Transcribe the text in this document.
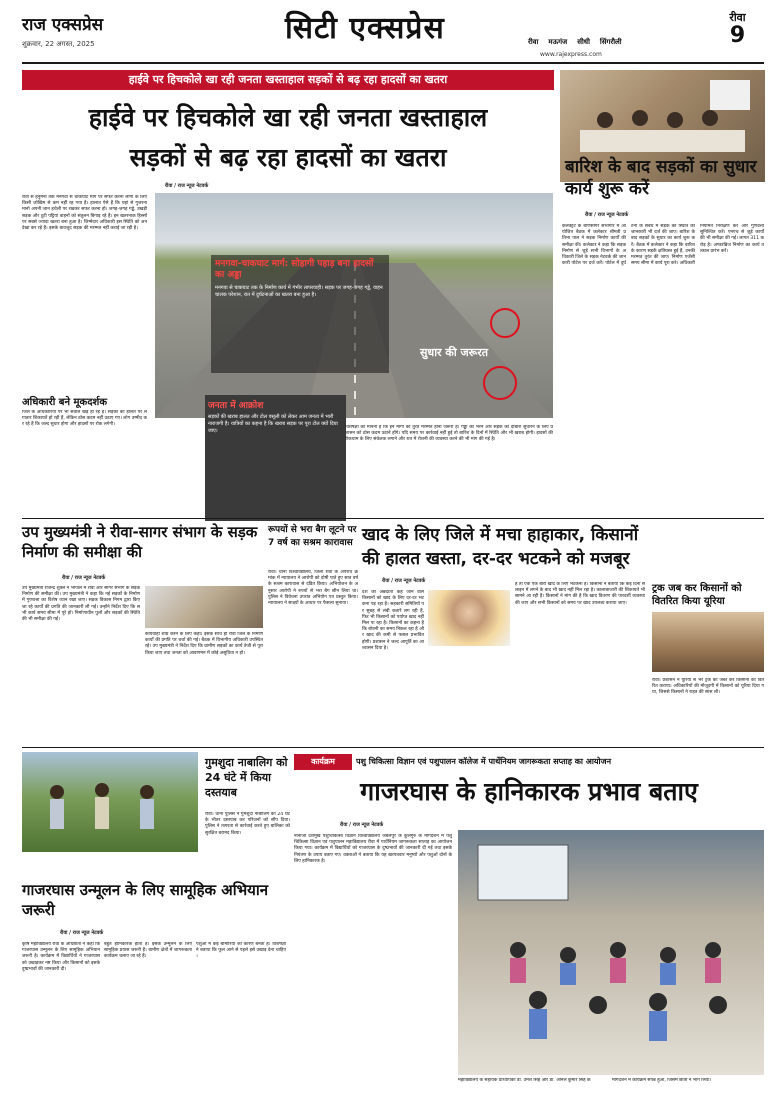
राज एक्सप्रेस
शुक्रवार, 22 अगस्त, 2025	सिटी एक्सप्रेस	रीवा मऊगंज सीधी सिंगरौली
www.rajexpress.com
रीवा
9
हाईवे पर हिचकोले खा रही जनता खस्ताहाल सड़कों से बढ़ रहा हादसों का खतरा
हाईवे पर हिचकोले खा रही जनता खस्ताहाल
सड़कों से बढ़ रहा हादसों का खतरा
रीवा / राज न्यूज नेटवर्क
रीवा से हनुमना तक मनगवा से चाकघाट मार्ग पर सफर करना लोगों के लिए किसी जोखिम से कम नहीं रह गया है। हालात ऐसे हैं कि यहां से गुजरना मानो अपनी जान हथेली पर रखकर सफर करना हो। जगह-जगह गड्ढे, उखड़ी सड़क और टूटी पट्टियां वाहनों को संतुलन बिगाड़ रहे हैं। इन खतरनाक हिस्सों पर सबसे ज्यादा खतरा बना हुआ है। जिम्मेदार अधिकारी इस स्थिति को अनदेखा कर रहे हैं। इसके बावजूद सड़क की मरम्मत नहीं कराई जा रही है।
अधिकारी बने मूकदर्शक
जिले के अधिकारियों पर भी सवाल खड़े हो रहे हैं। सड़कों की हालत पर लगातार शिकायतें हो रही हैं, लेकिन ठोस कदम नहीं उठाए गए। लोग उम्मीद कर रहे हैं कि जल्द सुधार होगा और हादसों पर रोक लगेगी।
मनगवा-चाकघाट मार्ग: सोहागी पहाड़ बना हादसों का अड्डा
मनगवा से चाकघाट तक के निर्माण कार्य में गंभीर लापरवाही। सड़क पर जगह-जगह गड्ढे, वाहन चालक परेशान, रात में दुर्घटनाओं का खतरा बना हुआ है।
जनता में आक्रोश
सड़कों की खराब हालत और टोल वसूली को लेकर आम जनता में भारी नाराजगी है। यात्रियों का कहना है कि खराब सड़क पर पूरा टोल क्यों दिया जाए।
सुधार की जरूरत
विशेषज्ञों का मानना है कि इन मार्गों की तुरंत मरम्मत होना जरूरी है। गड्ढों को भरने और सड़क को दोबारा सुधारने के लिए प्रशासन को ठोस कदम उठाने होंगे। यदि समय पर कार्रवाई नहीं हुई तो बारिश के दिनों में स्थिति और भी खराब होगी। हादसों की रोकथाम के लिए संकेतक लगाने और रात में रोशनी की व्यवस्था करने की भी मांग की गई है।
बारिश के बाद सड़कों का सुधार कार्य शुरू करें
रीवा / राज न्यूज नेटवर्क
कलेक्ट्रेट के बाणसागर सभागार में आयोजित बैठक में कलेक्टर श्रीमती प्रतिभा पाल ने सड़क निर्माण कार्यों की समीक्षा की। कलेक्टर ने कहा कि सड़क निर्माण से जुड़े सभी विभागों के अधिकारी जिले के सड़क नेटवर्क की जानकारी पोर्टल पर दर्ज करें। पोर्टल में दुर्घटना के संबंध में सड़क की स्थिति की जानकारी भी दर्ज की जाए। बारिश के बाद सड़कों के सुधार का कार्य शुरू करें। बैठक में कलेक्टर ने कहा कि बारिश के कारण सड़कें क्षतिग्रस्त हुई हैं, उनकी मरम्मत तुरंत की जाए। निर्माण एजेंसी समय सीमा में कार्य पूरा करे। अधिकारी नियमित निरीक्षण करें और गुणवत्ता सुनिश्चित करें। एनएच से जुड़े कार्यों की भी समीक्षा की गई। लागत 311 करोड़ है। अण्डरब्रिज निर्माण का कार्य तत्काल प्रारंभ करें।
उप मुख्यमंत्री ने रीवा-सागर संभाग के सड़क निर्माण की समीक्षा की
रीवा / राज न्यूज नेटवर्क
उप मुख्यमंत्री राजेन्द्र शुक्ल ने भोपाल में रीवा और सागर संभाग के सड़क निर्माण की समीक्षा की। उप मुख्यमंत्री ने कहा कि नई सड़कों के निर्माण में गुणवत्ता का विशेष ध्यान रखा जाए। सड़क विकास निगम द्वारा किए जा रहे कार्यों की प्रगति की जानकारी ली गई। उन्होंने निर्देश दिए कि सभी कार्य समय सीमा में पूरे हों। निर्माणाधीन पुलों और सड़कों की स्थिति की भी समीक्षा की गई।
कार्यवाही शीघ्र करने के लिए कहा। इसके साथ ही रीवा जिले के निर्माण कार्यों की प्रगति पर चर्चा की गई। बैठक में विभागीय अधिकारी उपस्थित रहे। उप मुख्यमंत्री ने निर्देश दिए कि ग्रामीण सड़कों का कार्य तेजी से पूरा किया जाए तथा जनता को आवागमन में कोई असुविधा न हो।
रूपयों से भरा बैग लूटने पर 7 वर्ष का सश्रम कारावास
रीवा। थाना विश्वविद्यालय, जिला रीवा के अपराध क्रमांक में न्यायालय ने आरोपी को दोषी पाते हुए सात वर्ष के सश्रम कारावास से दंडित किया। अभियोजन के अनुसार आरोपी ने रुपयों से भरा बैग छीन लिया था। पुलिस ने विवेचना उपरांत अभियोग पत्र प्रस्तुत किया। न्यायालय ने साक्ष्यों के आधार पर फैसला सुनाया।
खाद के लिए जिले में मचा हाहाकार, किसानों
की हालत खस्ता, दर-दर भटकने को मजबूर
रीवा / राज न्यूज नेटवर्क
देश का अन्नदाता कहे जाने वाले किसानों को खाद के लिए दर-दर भटकना पड़ रहा है। सहकारी समितियों पर सुबह से लंबी कतारें लग रही हैं, फिर भी किसानों को पर्याप्त खाद नहीं मिल पा रहा है। किसानों का कहना है कि बोवनी का समय निकल रहा है और खाद की कमी से फसल प्रभावित होगी। प्रशासन ने जल्द आपूर्ति का आश्वासन दिया है।
है तो एक एक बोरी खाद के लिए भटकना है। किसानों ने बताया कि कई दिनों से लाइन में लगने के बाद भी खाद नहीं मिल रहा है। कालाबाजारी की शिकायतें भी सामने आ रही हैं। किसानों ने मांग की है कि खाद वितरण की पारदर्शी व्यवस्था की जाए और सभी किसानों को समय पर खाद उपलब्ध कराया जाए।
ट्रक जब कर किसानों को वितरित किया यूरिया
रीवा। प्रशासन ने यूरिया से भरे ट्रक को जब्त कर किसानों को वितरित कराया। अधिकारियों की मौजूदगी में किसानों को यूरिया दिया गया, जिससे किसानों ने राहत की सांस ली।
गुमशुदा नाबालिग को 24 घंटे में किया दस्तयाब
रीवा। थाना पुलिस ने गुमशुदा नाबालिग को 24 घंटे के भीतर दस्तयाब कर परिजनों को सौंप दिया। पुलिस ने तत्परता से कार्रवाई करते हुए बालिका को सुरक्षित बरामद किया।
गाजरघास उन्मूलन के लिए सामूहिक अभियान जरूरी
रीवा / राज न्यूज नेटवर्क
कृषि महाविद्यालय रीवा के अधिष्ठाता ने कहा कि गाजरघास उन्मूलन के लिए सामूहिक अभियान जरूरी है। कार्यक्रम में विद्यार्थियों ने गाजरघास को उखाड़कर नष्ट किया और किसानों को इसके दुष्प्रभावों की जानकारी दी।
बहुत हानिकारक होता है। इसके उन्मूलन के लिए सामूहिक प्रयास जरूरी हैं। ग्रामीण क्षेत्रों में जागरूकता कार्यक्रम चलाए जा रहे हैं।
पशुओं में कई बीमारियों का कारण बनता है। विशेषज्ञों ने बताया कि फूल आने से पहले इसे उखाड़ देना चाहिए।
कार्यक्रम	पशु चिकित्सा विज्ञान एवं पशुपालन कॉलेज में पार्थेनियम जागरूकता सप्ताह का आयोजन
गाजरघास के हानिकारक प्रभाव बताए
रीवा / राज न्यूज नेटवर्क
नानाजी देशमुख पशुचिकित्सा विज्ञान विश्वविद्यालय जबलपुर के कुलगुरु के मार्गदर्शन में पशु चिकित्सा विज्ञान एवं पशुपालन महाविद्यालय रीवा में पार्थेनियम जागरूकता सप्ताह का आयोजन किया गया। कार्यक्रम में विद्यार्थियों को गाजरघास के दुष्प्रभावों की जानकारी दी गई तथा इसके नियंत्रण के उपाय बताए गए। वक्ताओं ने बताया कि यह खरपतवार मनुष्यों और पशुओं दोनों के लिए हानिकारक है।
महाविद्यालय के सहायक प्राध्यापकों डॉ. उमेश सिंह और डॉ. अनिल कुमार सिंह के	मार्गदर्शन में कार्यक्रम संपन्न हुआ, जिसमें छात्रों ने भाग लिया।
